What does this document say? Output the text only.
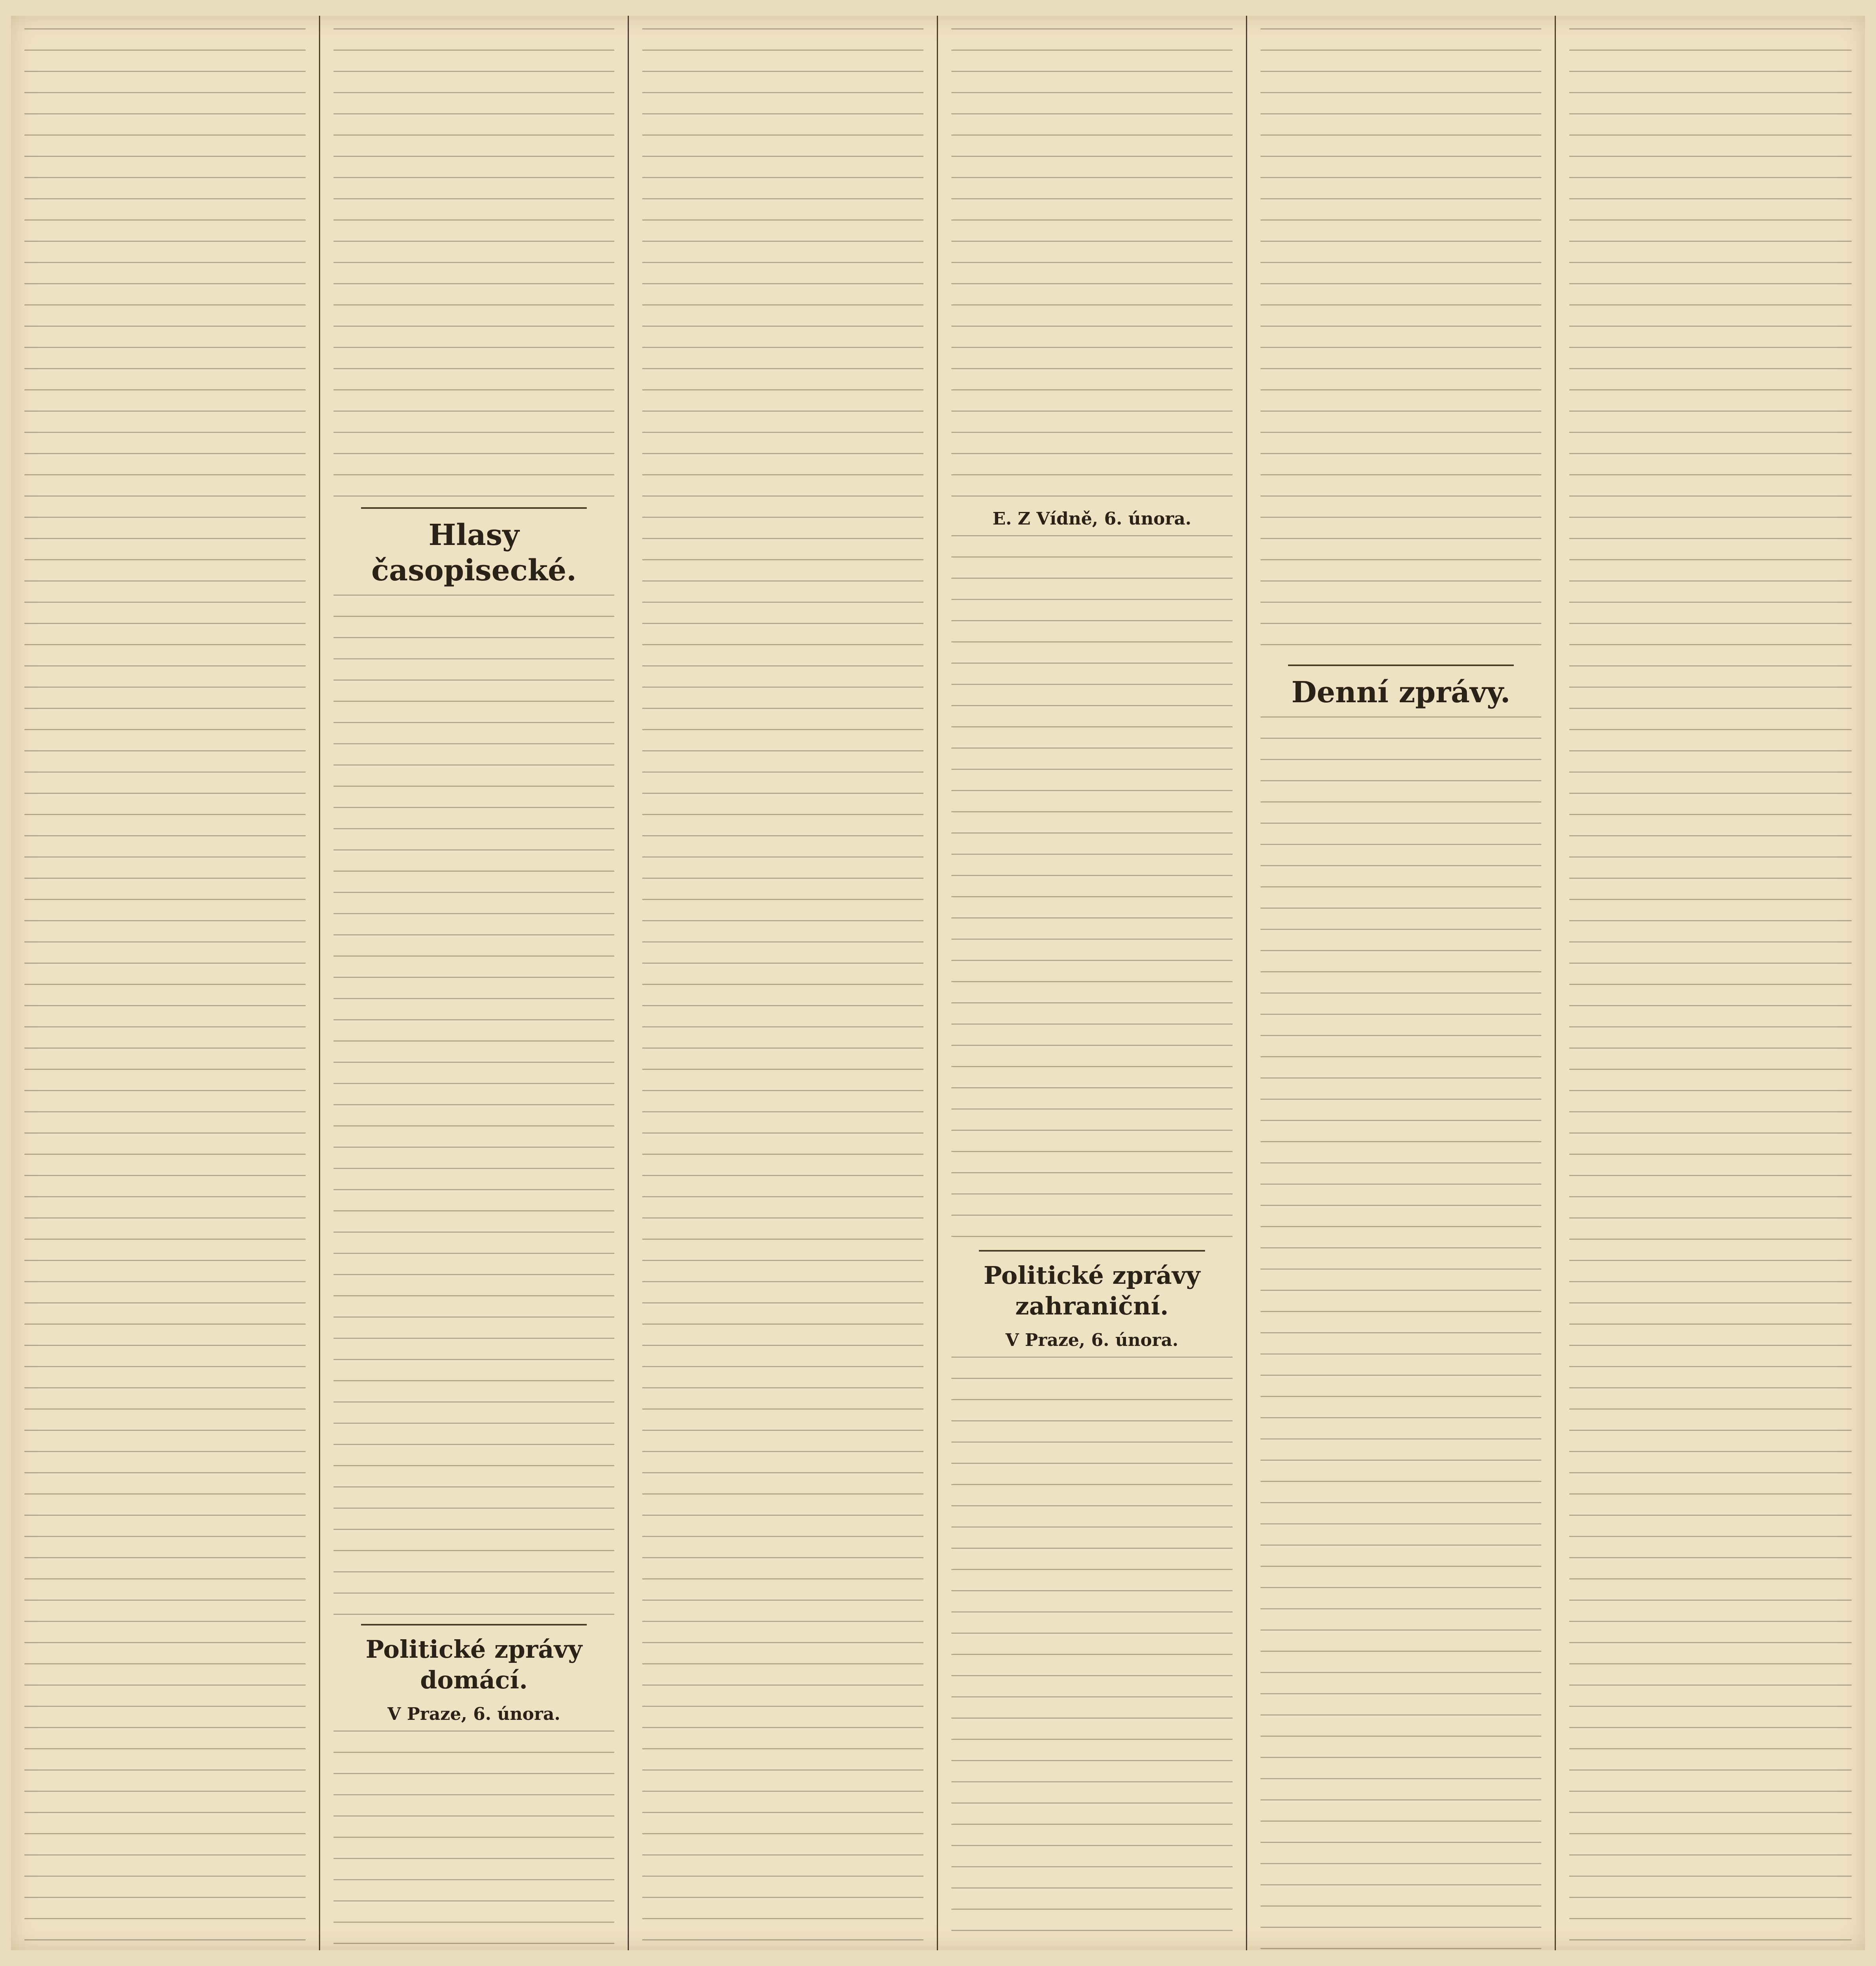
Hlasy časopisecké.
Politické zprávy domácí.
V Praze, 6. února.
E. Z Vídně, 6. února.
Politické zprávy zahraniční.
V Praze, 6. února.
Denní zprávy.
